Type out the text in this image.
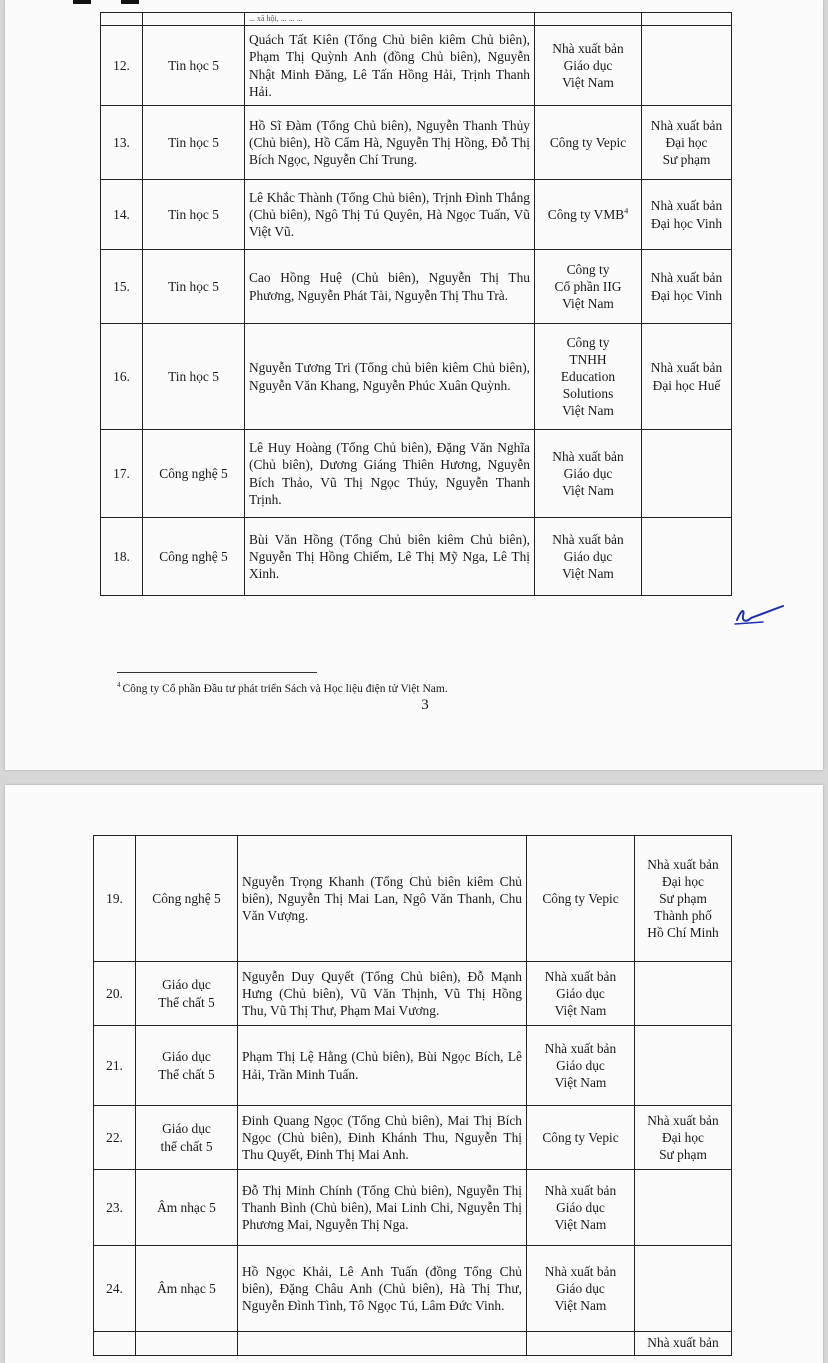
		... xã hội, ... ... ...		

12.	Tin học 5	Quách Tất Kiên (Tổng Chủ biên kiêm Chủ biên), Phạm Thị Quỳnh Anh (đồng Chủ biên), Nguyễn Nhật Minh Đăng, Lê Tấn Hồng Hải, Trịnh Thanh Hải.	Nhà xuất bản
Giáo dục
Việt Nam	
13.	Tin học 5	Hồ Sĩ Đàm (Tổng Chủ biên), Nguyễn Thanh Thủy (Chủ biên), Hồ Cẩm Hà, Nguyễn Thị Hồng, Đỗ Thị Bích Ngọc, Nguyễn Chí Trung.	Công ty Vepic	Nhà xuất bản
Đại học
Sư phạm
14.	Tin học 5	Lê Khắc Thành (Tổng Chủ biên), Trịnh Đình Thắng (Chủ biên), Ngô Thị Tú Quyên, Hà Ngọc Tuấn, Vũ Việt Vũ.	Công ty VMB$^4$	Nhà xuất bản
Đại học Vinh
15.	Tin học 5	Cao Hồng Huệ (Chủ biên), Nguyễn Thị Thu Phương, Nguyễn Phát Tài, Nguyễn Thị Thu Trà.	Công ty
Cổ phần IIG
Việt Nam	Nhà xuất bản
Đại học Vinh
16.	Tin học 5	Nguyễn Tương Tri (Tổng chủ biên kiêm Chủ biên), Nguyễn Văn Khang, Nguyễn Phúc Xuân Quỳnh.	Công ty
TNHH
Education
Solutions
Việt Nam	Nhà xuất bản
Đại học Huế
17.	Công nghệ 5	Lê Huy Hoàng (Tổng Chủ biên), Đặng Văn Nghĩa (Chủ biên), Dương Giáng Thiên Hương, Nguyễn Bích Thảo, Vũ Thị Ngọc Thúy, Nguyễn Thanh Trịnh.	Nhà xuất bản
Giáo dục
Việt Nam	
18.	Công nghệ 5	Bùi Văn Hồng (Tổng Chủ biên kiêm Chủ biên), Nguyễn Thị Hồng Chiếm, Lê Thị Mỹ Nga, Lê Thị Xinh.	Nhà xuất bản
Giáo dục
Việt Nam	
$^4$ Công ty Cổ phần Đầu tư phát triển Sách và Học liệu điện tử Việt Nam.
3
19.	Công nghệ 5	Nguyễn Trọng Khanh (Tổng Chủ biên kiêm Chủ biên), Nguyễn Thị Mai Lan, Ngô Văn Thanh, Chu Văn Vượng.	Công ty Vepic	Nhà xuất bản
Đại học
Sư phạm
Thành phố
Hồ Chí Minh
20.	Giáo dục
Thể chất 5	Nguyễn Duy Quyết (Tổng Chủ biên), Đỗ Mạnh Hưng (Chủ biên), Vũ Văn Thịnh, Vũ Thị Hồng Thu, Vũ Thị Thư, Phạm Mai Vương.	Nhà xuất bản
Giáo dục
Việt Nam	
21.	Giáo dục
Thể chất 5	Phạm Thị Lệ Hằng (Chủ biên), Bùi Ngọc Bích, Lê Hải, Trần Minh Tuấn.	Nhà xuất bản
Giáo dục
Việt Nam	
22.	Giáo dục
thể chất 5	Đinh Quang Ngọc (Tổng Chủ biên), Mai Thị Bích Ngọc (Chủ biên), Đinh Khánh Thu, Nguyễn Thị Thu Quyết, Đinh Thị Mai Anh.	Công ty Vepic	Nhà xuất bản
Đại học
Sư phạm
23.	Âm nhạc 5	Đỗ Thị Minh Chính (Tổng Chủ biên), Nguyễn Thị Thanh Bình (Chủ biên), Mai Linh Chi, Nguyễn Thị Phương Mai, Nguyễn Thị Nga.	Nhà xuất bản
Giáo dục
Việt Nam	
24.	Âm nhạc 5	Hồ Ngọc Khải, Lê Anh Tuấn (đồng Tổng Chủ biên), Đặng Châu Anh (Chủ biên), Hà Thị Thư, Nguyễn Đình Tình, Tô Ngọc Tú, Lâm Đức Vinh.	Nhà xuất bản
Giáo dục
Việt Nam	
				Nhà xuất bản
